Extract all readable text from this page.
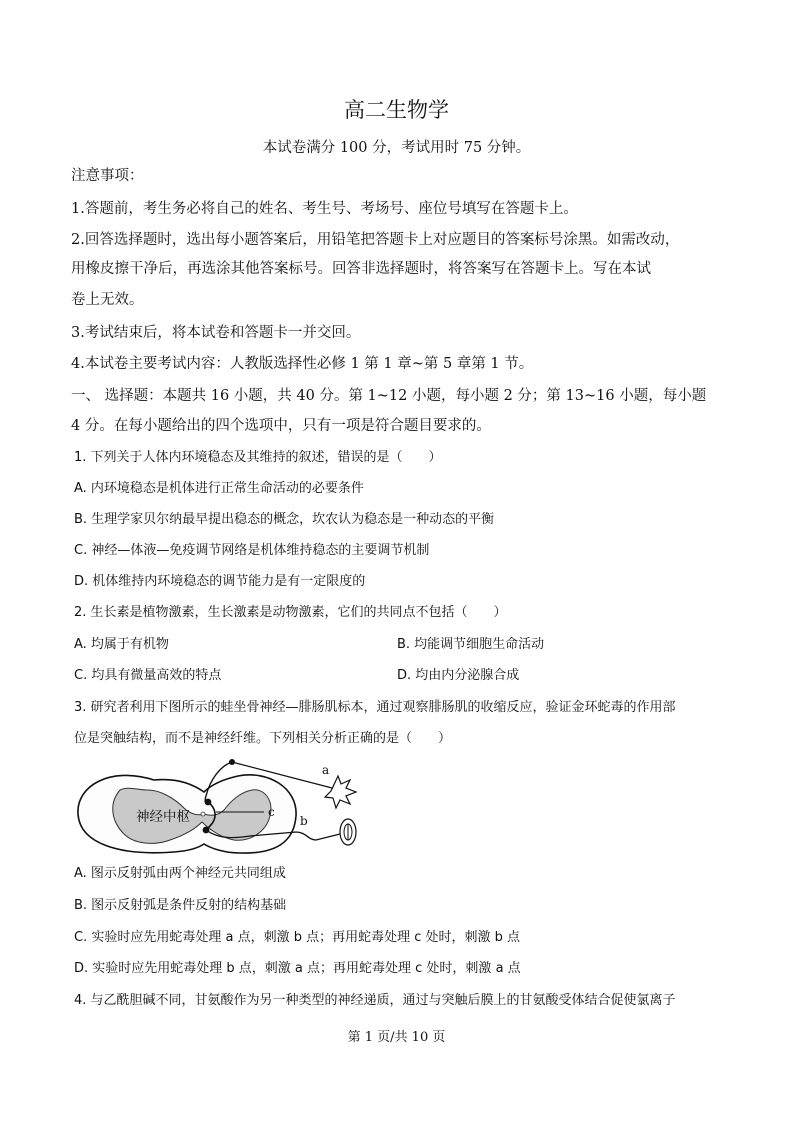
高二生物学
本试卷满分 100 分，考试用时 75 分钟。
注意事项：
1.答题前，考生务必将自己的姓名、考生号、考场号、座位号填写在答题卡上。
2.回答选择题时，选出每小题答案后，用铅笔把答题卡上对应题目的答案标号涂黑。如需改动，
用橡皮擦干净后，再选涂其他答案标号。回答非选择题时，将答案写在答题卡上。写在本试
卷上无效。
3.考试结束后，将本试卷和答题卡一并交回。
4.本试卷主要考试内容：人教版选择性必修 1 第 1 章~第 5 章第 1 节。
一、 选择题：本题共 16 小题，共 40 分。第 1~12 小题，每小题 2 分；第 13~16 小题，每小题
4 分。在每小题给出的四个选项中，只有一项是符合题目要求的。
1. 下列关于人体内环境稳态及其维持的叙述，错误的是（　　）
A. 内环境稳态是机体进行正常生命活动的必要条件
B. 生理学家贝尔纳最早提出稳态的概念，坎农认为稳态是一种动态的平衡
C. 神经—体液—免疫调节网络是机体维持稳态的主要调节机制
D. 机体维持内环境稳态的调节能力是有一定限度的
2. 生长素是植物激素，生长激素是动物激素，它们的共同点不包括（　　）
A. 均属于有机物	B. 均能调节细胞生命活动
C. 均具有微量高效的特点	D. 均由内分泌腺合成
3. 研究者利用下图所示的蛙坐骨神经—腓肠肌标本，通过观察腓肠肌的收缩反应，验证金环蛇毒的作用部
位是突触结构，而不是神经纤维。下列相关分析正确的是（　　）
神经中枢
a
c
b
A. 图示反射弧由两个神经元共同组成
B. 图示反射弧是条件反射的结构基础
C. 实验时应先用蛇毒处理 a 点，刺激 b 点；再用蛇毒处理 c 处时，刺激 b 点
D. 实验时应先用蛇毒处理 b 点，刺激 a 点；再用蛇毒处理 c 处时，刺激 a 点
4. 与乙酰胆碱不同，甘氨酸作为另一种类型的神经递质，通过与突触后膜上的甘氨酸受体结合促使氯离子
第 1 页/共 10 页
